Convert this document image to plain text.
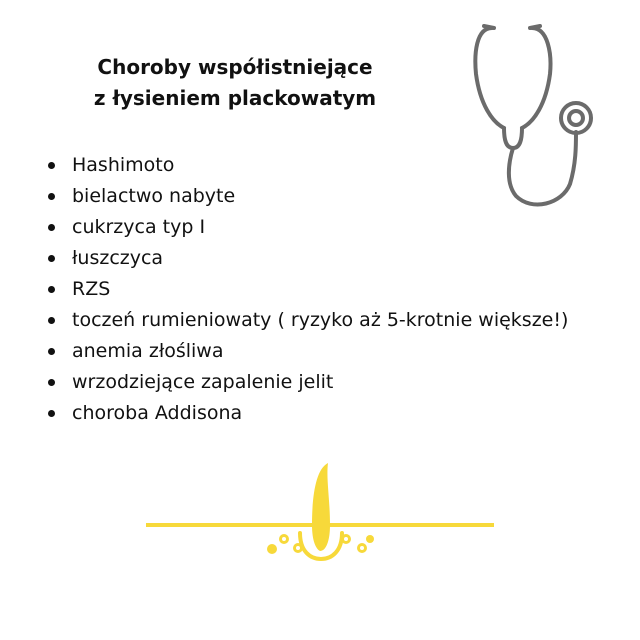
Choroby współistniejące
z łysieniem plackowatym
Hashimoto
bielactwo nabyte
cukrzyca typ I
łuszczyca
RZS
toczeń rumieniowaty ( ryzyko aż 5-krotnie większe!)
anemia złośliwa
wrzodziejące zapalenie jelit
choroba Addisona
